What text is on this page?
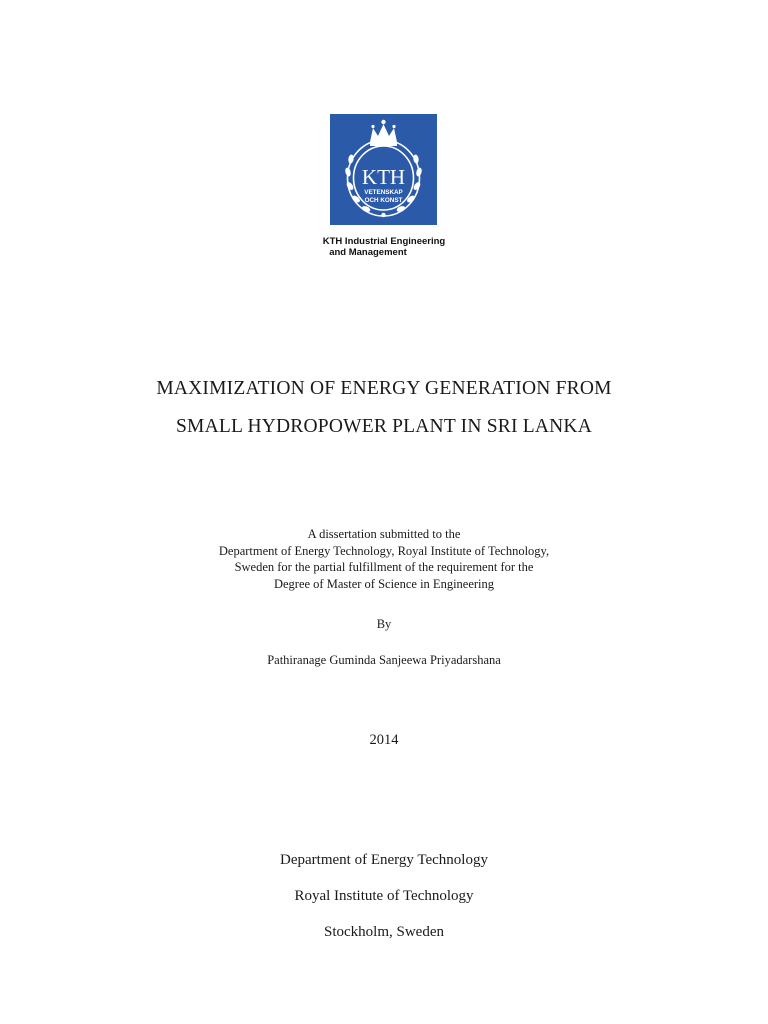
KTH
VETENSKAP
OCH KONST
KTH Industrial Engineering
and Management
MAXIMIZATION OF ENERGY GENERATION FROM
SMALL HYDROPOWER PLANT IN SRI LANKA
A dissertation submitted to the
Department of Energy Technology, Royal Institute of Technology,
Sweden for the partial fulfillment of the requirement for the
Degree of Master of Science in Engineering
By
Pathiranage Guminda Sanjeewa Priyadarshana
2014
Department of Energy Technology
Royal Institute of Technology
Stockholm, Sweden
